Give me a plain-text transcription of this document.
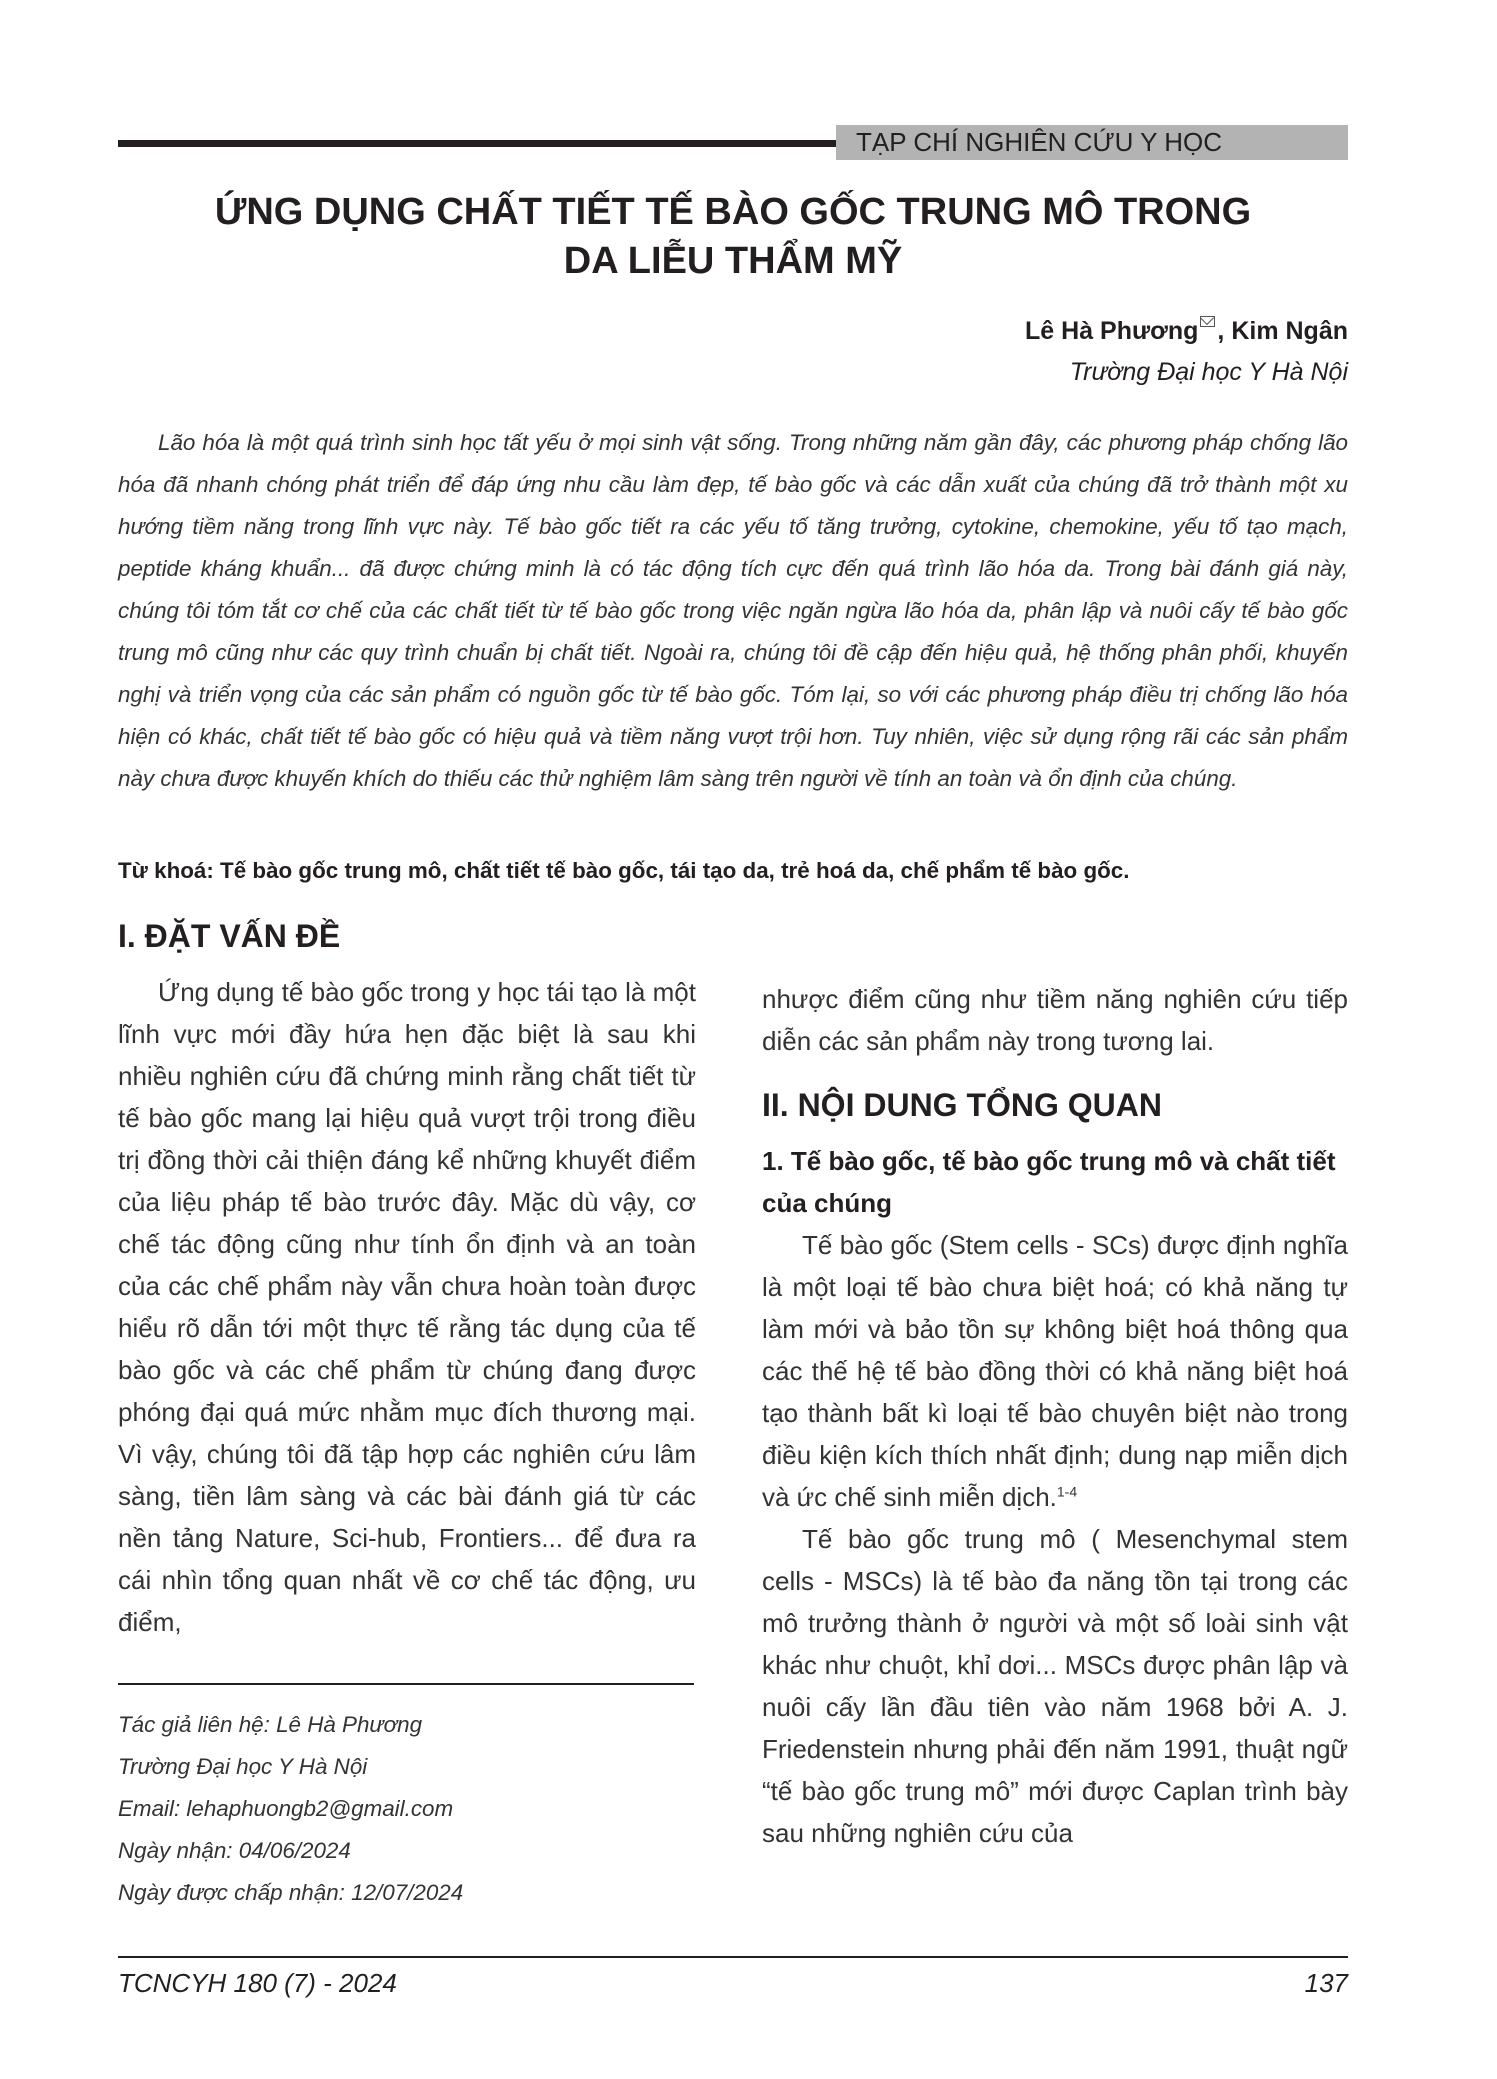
TẠP CHÍ NGHIÊN CỨU Y HỌC
ỨNG DỤNG CHẤT TIẾT TẾ BÀO GỐC TRUNG MÔ TRONG
DA LIỄU THẨM MỸ
Lê Hà Phương , Kim Ngân
Trường Đại học Y Hà Nội

Lão hóa là một quá trình sinh học tất yếu ở mọi sinh vật sống. Trong những năm gần đây, các phương pháp chống lão hóa đã nhanh chóng phát triển để đáp ứng nhu cầu làm đẹp, tế bào gốc và các dẫn xuất của chúng đã trở thành một xu hướng tiềm năng trong lĩnh vực này. Tế bào gốc tiết ra các yếu tố tăng trưởng, cytokine, chemokine, yếu tố tạo mạch, peptide kháng khuẩn... đã được chứng minh là có tác động tích cực đến quá trình lão hóa da. Trong bài đánh giá này, chúng tôi tóm tắt cơ chế của các chất tiết từ tế bào gốc trong việc ngăn ngừa lão hóa da, phân lập và nuôi cấy tế bào gốc trung mô cũng như các quy trình chuẩn bị chất tiết. Ngoài ra, chúng tôi đề cập đến hiệu quả, hệ thống phân phối, khuyến nghị và triển vọng của các sản phẩm có nguồn gốc từ tế bào gốc. Tóm lại, so với các phương pháp điều trị chống lão hóa hiện có khác, chất tiết tế bào gốc có hiệu quả và tiềm năng vượt trội hơn. Tuy nhiên, việc sử dụng rộng rãi các sản phẩm này chưa được khuyến khích do thiếu các thử nghiệm lâm sàng trên người về tính an toàn và ổn định của chúng.

Từ khoá: Tế bào gốc trung mô, chất tiết tế bào gốc, tái tạo da, trẻ hoá da, chế phẩm tế bào gốc.
I. ĐẶT VẤN ĐỀ

Ứng dụng tế bào gốc trong y học tái tạo là một lĩnh vực mới đầy hứa hẹn đặc biệt là sau khi nhiều nghiên cứu đã chứng minh rằng chất tiết từ tế bào gốc mang lại hiệu quả vượt trội trong điều trị đồng thời cải thiện đáng kể những khuyết điểm của liệu pháp tế bào trước đây. Mặc dù vậy, cơ chế tác động cũng như tính ổn định và an toàn của các chế phẩm này vẫn chưa hoàn toàn được hiểu rõ dẫn tới một thực tế rằng tác dụng của tế bào gốc và các chế phẩm từ chúng đang được phóng đại quá mức nhằm mục đích thương mại. Vì vậy, chúng tôi đã tập hợp các nghiên cứu lâm sàng, tiền lâm sàng và các bài đánh giá từ các nền tảng Nature, Sci-hub, Frontiers... để đưa ra cái nhìn tổng quan nhất về cơ chế tác động, ưu điểm,

nhược điểm cũng như tiềm năng nghiên cứu tiếp diễn các sản phẩm này trong tương lai.

II. NỘI DUNG TỔNG QUAN
1. Tế bào gốc, tế bào gốc trung mô và chất tiết của chúng

Tế bào gốc (Stem cells - SCs) được định nghĩa là một loại tế bào chưa biệt hoá; có khả năng tự làm mới và bảo tồn sự không biệt hoá thông qua các thế hệ tế bào đồng thời có khả năng biệt hoá tạo thành bất kì loại tế bào chuyên biệt nào trong điều kiện kích thích nhất định; dung nạp miễn dịch và ức chế sinh miễn dịch.$^{1-4}$

Tế bào gốc trung mô ( Mesenchymal stem cells - MSCs) là tế bào đa năng tồn tại trong các mô trưởng thành ở người và một số loài sinh vật khác như chuột, khỉ dơi... MSCs được phân lập và nuôi cấy lần đầu tiên vào năm 1968 bởi A. J. Friedenstein nhưng phải đến năm 1991, thuật ngữ “tế bào gốc trung mô” mới được Caplan trình bày sau những nghiên cứu của

Tác giả liên hệ: Lê Hà Phương
Trường Đại học Y Hà Nội
Email: lehaphuongb2@gmail.com
Ngày nhận: 04/06/2024
Ngày được chấp nhận: 12/07/2024
TCNCYH 180 (7) - 2024	137
